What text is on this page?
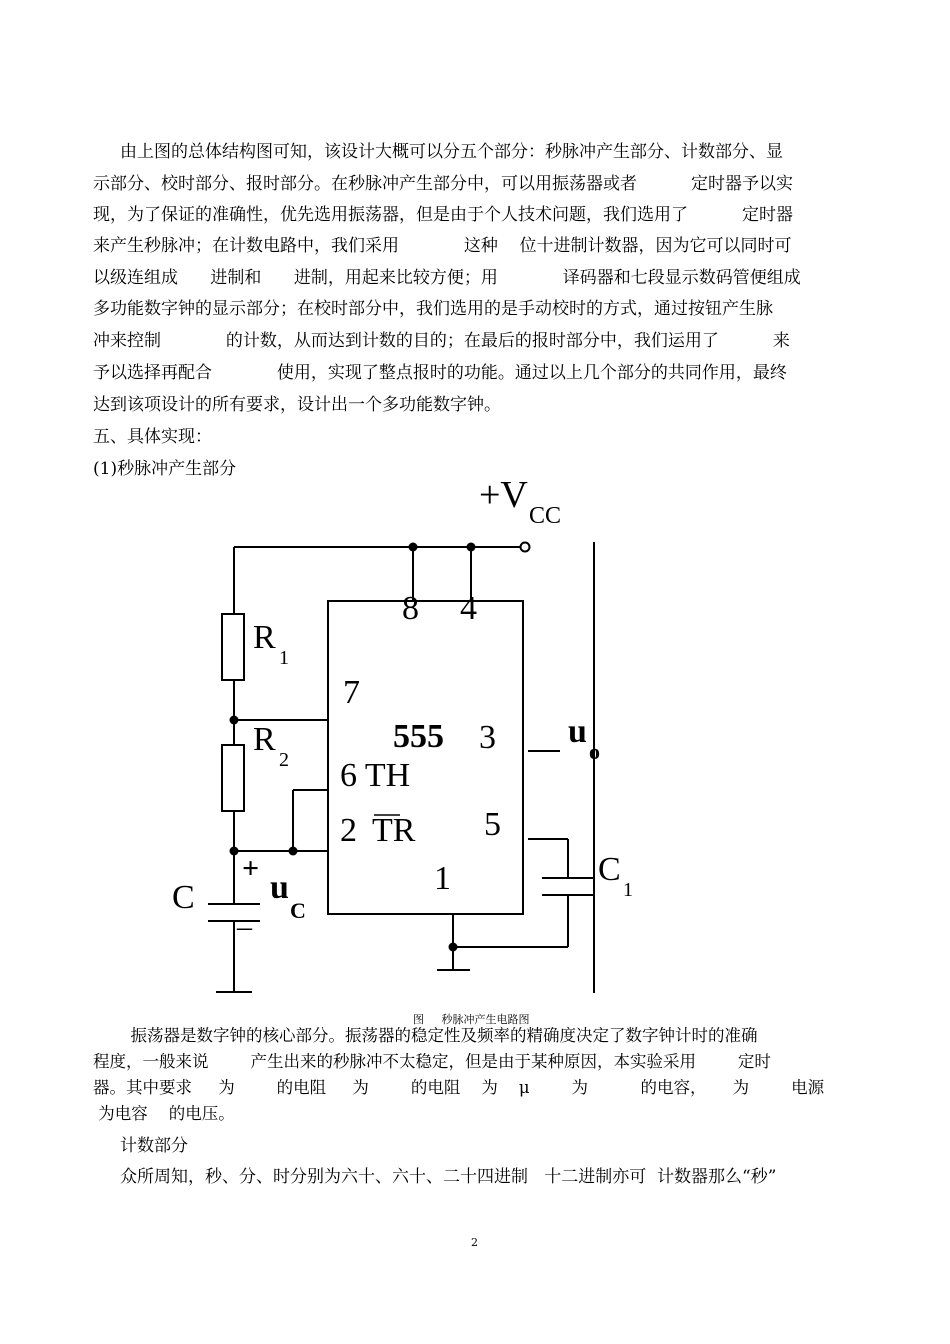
由上图的总体结构图可知，该设计大概可以分五个部分：秒脉冲产生部分、计数部分、显
示部分、校时部分、报时部分。在秒脉冲产生部分中，可以用振荡器或者          定时器予以实
现，为了保证的准确性，优先选用振荡器，但是由于个人技术问题，我们选用了          定时器
来产生秒脉冲；在计数电路中，我们采用            这种    位十进制计数器，因为它可以同时可
以级连组成      进制和      进制，用起来比较方便；用            译码器和七段显示数码管便组成
多功能数字钟的显示部分；在校时部分中，我们选用的是手动校时的方式，通过按钮产生脉
冲来控制            的计数，从而达到计数的目的；在最后的报时部分中，我们运用了          来
予以选择再配合            使用，实现了整点报时的功能。通过以上几个部分的共同作用，最终
达到该项设计的所有要求，设计出一个多功能数字钟。
五、具体实现：
(1)秒脉冲产生部分
+V CC
8 4
R
1
7
555 3 u
o
R
2 6 TH
2 TR 5
C
1
+
u
C
–
1
C
图     秒脉冲产生电路图
振荡器是数字钟的核心部分。振荡器的稳定性及频率的精确度决定了数字钟计时的准确
程度，一般来说        产生出来的秒脉冲不太稳定，但是由于某种原因，本实验采用        定时
器。其中要求     为        的电阻     为        的电阻    为    μ        为          的电容，     为        电源
为电容    的电压。
计数部分
众所周知，秒、分、时分别为六十、六十、二十四进制   十二进制亦可  计数器那么“秒”
2
